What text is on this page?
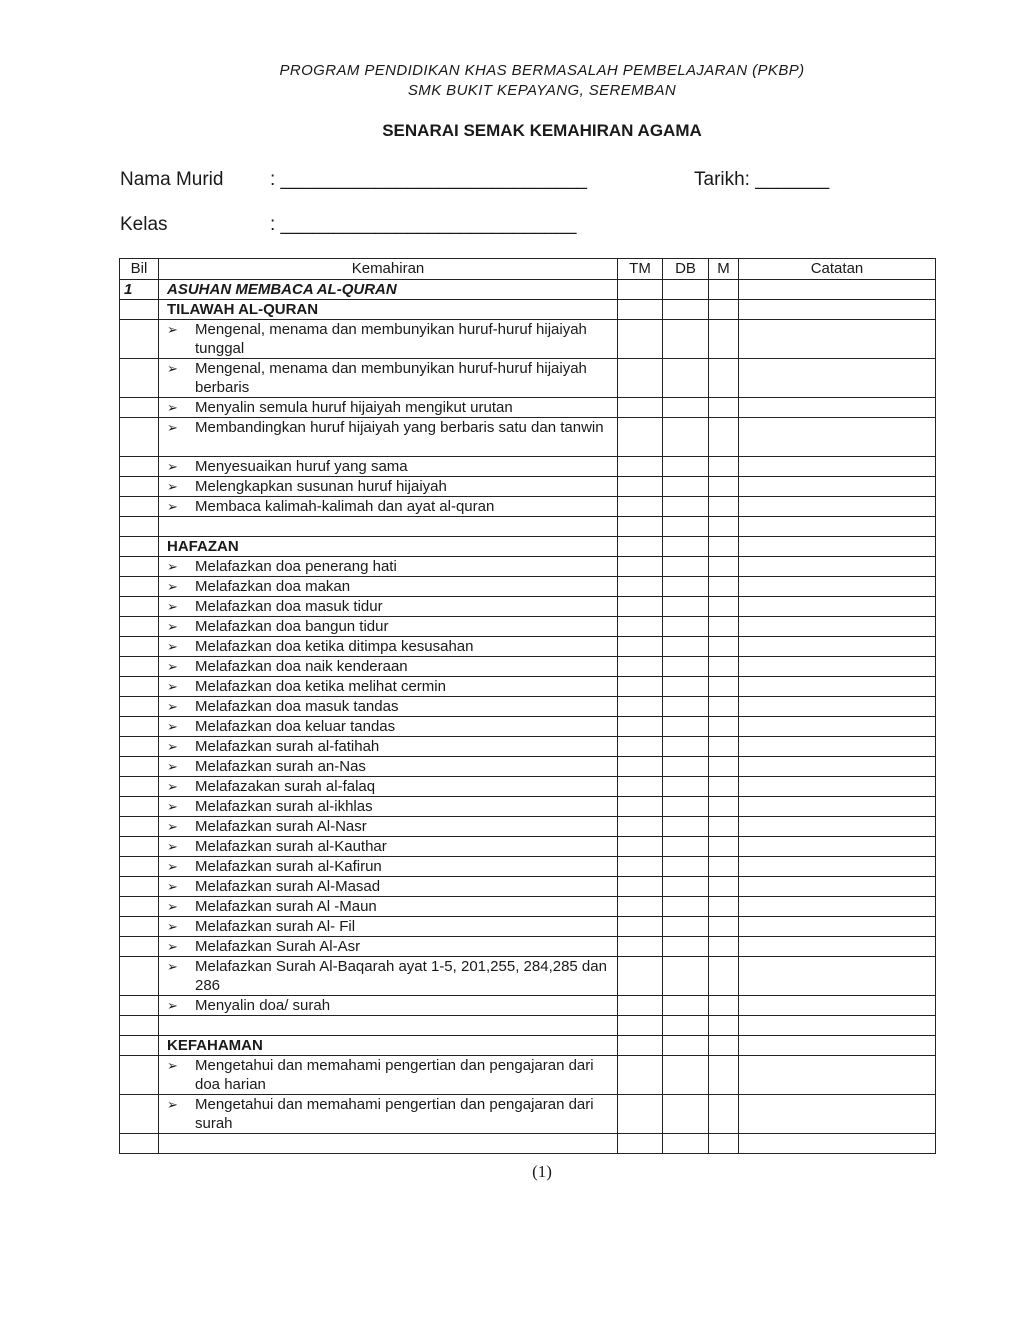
PROGRAM PENDIDIKAN KHAS BERMASALAH PEMBELAJARAN (PKBP)
SMK BUKIT KEPAYANG, SEREMBAN
SENARAI SEMAK KEMAHIRAN AGAMA
Nama Murid : _____________________________	Tarikh: _______
Kelas	: ____________________________
Bil	Kemahiran	TM	DB	M	Catatan
1	ASUHAN MEMBACA AL-QURAN				
	TILAWAH AL-QURAN				

	➢ Mengenal, menama dan membunyikan huruf-huruf hijaiyah tunggal				

	➢ Mengenal, menama dan membunyikan huruf-huruf hijaiyah berbaris				

	➢ Menyalin semula huruf hijaiyah mengikut urutan				

	➢ Membandingkan huruf hijaiyah yang berbaris satu dan tanwin				

	➢ Menyesuaikan huruf yang sama				

	➢ Melengkapkan susunan huruf hijaiyah				

	➢ Membaca kalimah-kalimah dan ayat al-quran				

	HAFAZAN				

	➢ Melafazkan doa penerang hati				

	➢ Melafazkan doa makan				

	➢ Melafazkan doa masuk tidur				

	➢ Melafazkan doa bangun tidur				

	➢ Melafazkan doa ketika ditimpa kesusahan				

	➢ Melafazkan doa naik kenderaan				

	➢ Melafazkan doa ketika melihat cermin				

	➢ Melafazkan doa masuk tandas				

	➢ Melafazkan doa keluar tandas				

	➢ Melafazkan surah al-fatihah				

	➢ Melafazkan surah an-Nas				

	➢ Melafazakan surah al-falaq				

	➢ Melafazkan surah al-ikhlas				

	➢ Melafazkan surah Al-Nasr				

	➢ Melafazkan surah al-Kauthar				

	➢ Melafazkan surah al-Kafirun				

	➢ Melafazkan surah Al-Masad				

	➢ Melafazkan surah Al -Maun				

	➢ Melafazkan surah Al- Fil				

	➢ Melafazkan Surah Al-Asr				

	➢ Melafazkan Surah Al-Baqarah ayat 1-5, 201,255, 284,285 dan 286				

	➢ Menyalin doa/ surah				

	KEFAHAMAN				

	➢ Mengetahui dan memahami pengertian dan pengajaran dari doa harian				

	➢ Mengetahui dan memahami pengertian dan pengajaran dari surah				

(1)
